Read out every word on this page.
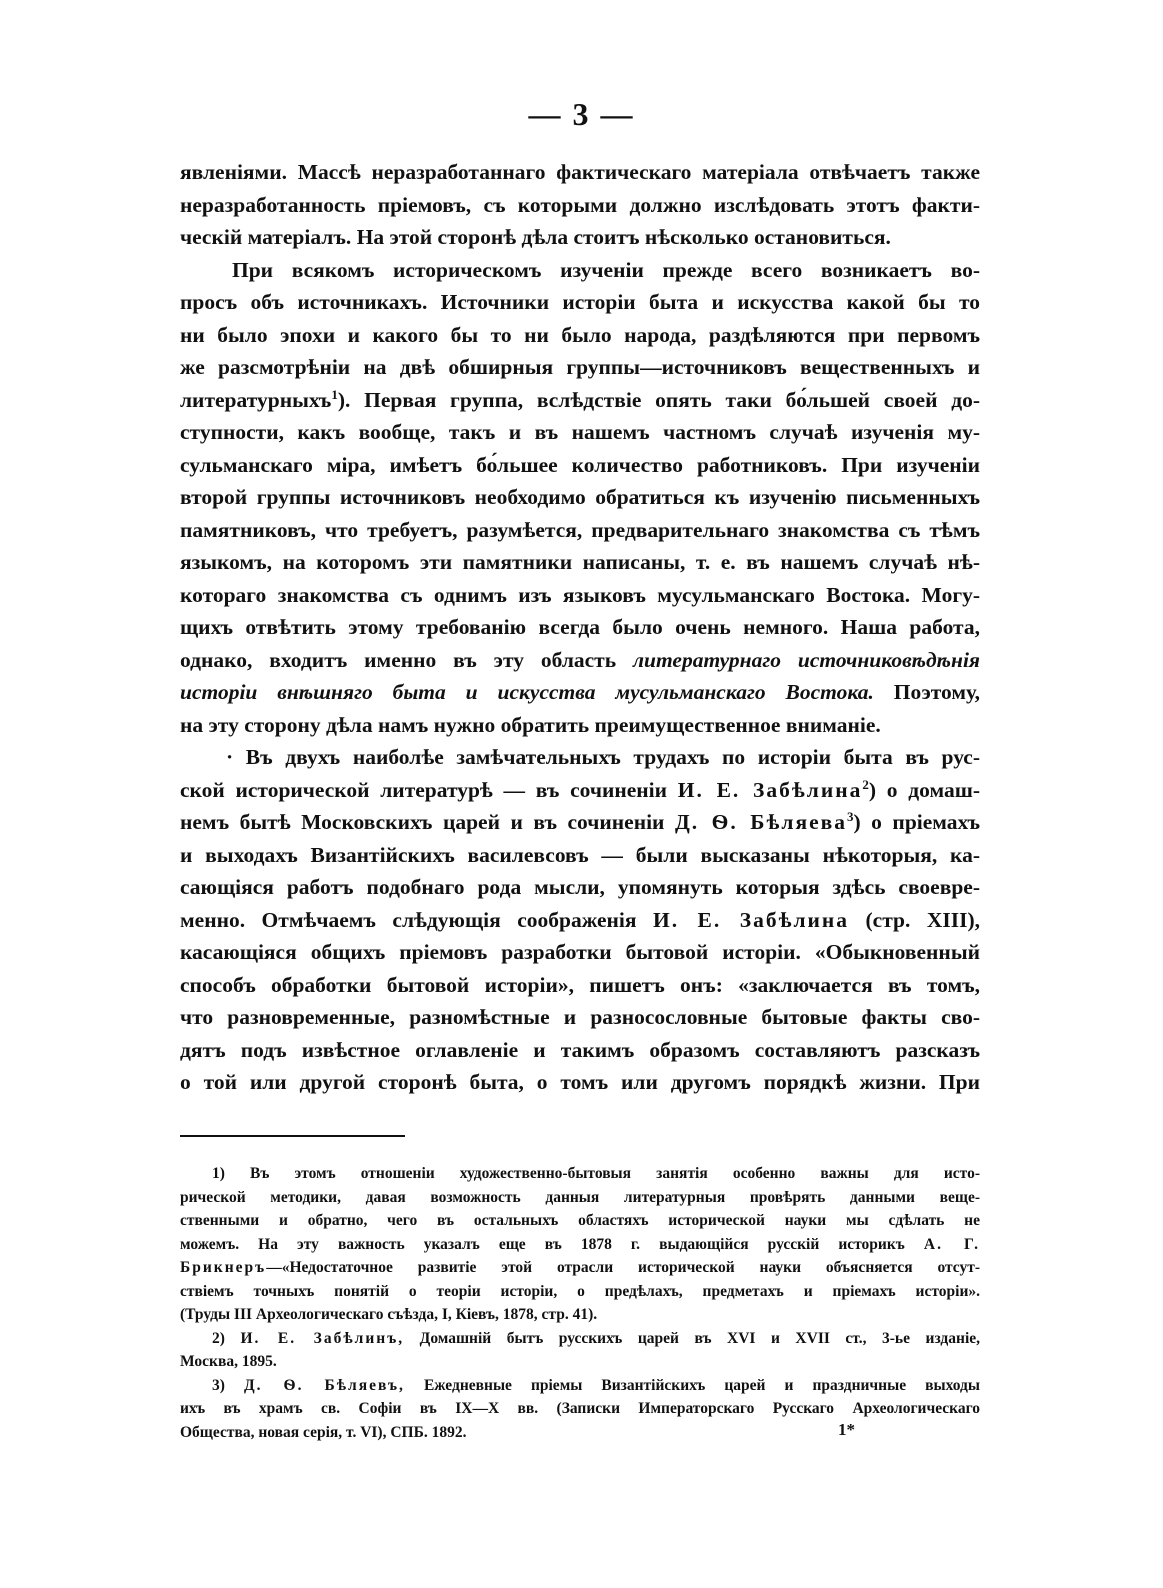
— 3 —
явленіями. Массѣ неразработаннаго фактическаго матеріала отвѣчаетъ также
неразработанность пріемовъ, съ которыми должно изслѣдовать этотъ факти-
ческій матеріалъ. На этой сторонѣ дѣла стоитъ нѣсколько остановиться.
При всякомъ историческомъ изученіи прежде всего возникаетъ во-
просъ объ источникахъ. Источники исторіи быта и искусства какой бы то
ни было эпохи и какого бы то ни было народа, раздѣляются при первомъ
же разсмотрѣніи на двѣ обширныя группы—источниковъ вещественныхъ и
литературныхъ$^1$). Первая группа, вслѣдствіе опять таки бо́льшей своей до-
ступности, какъ вообще, такъ и въ нашемъ частномъ случаѣ изученія му-
сульманскаго міра, имѣетъ бо́льшее количество работниковъ. При изученіи
второй группы источниковъ необходимо обратиться къ изученію письменныхъ
памятниковъ, что требуетъ, разумѣется, предварительнаго знакомства съ тѣмъ
языкомъ, на которомъ эти памятники написаны, т. е. въ нашемъ случаѣ нѣ-
котораго знакомства съ однимъ изъ языковъ мусульманскаго Востока. Могу-
щихъ отвѣтить этому требованію всегда было очень немного. Наша работа,
однако, входитъ именно въ эту область литературнаго источниковѣдѣнія
исторіи внѣшняго быта и искусства мусульманскаго Востока. Поэтому,
на эту сторону дѣла намъ нужно обратить преимущественное вниманіе.
· Въ двухъ наиболѣе замѣчательныхъ трудахъ по исторіи быта въ рус-
ской исторической литературѣ — въ сочиненіи И. Е. Забѣлина$^2$) о домаш-
немъ бытѣ Московскихъ царей и въ сочиненіи Д. Ѳ. Бѣляева$^3$) о пріемахъ
и выходахъ Византійскихъ василевсовъ — были высказаны нѣкоторыя, ка-
сающіяся работъ подобнаго рода мысли, упомянуть которыя здѣсь своевре-
менно. Отмѣчаемъ слѣдующія соображенія И. Е. Забѣлина (стр. XIII),
касающіяся общихъ пріемовъ разработки бытовой исторіи. «Обыкновенный
способъ обработки бытовой исторіи», пишетъ онъ: «заключается въ томъ,
что разновременные, разномѣстные и разносословные бытовые факты сво-
дятъ подъ извѣстное оглавленіе и такимъ образомъ составляютъ разсказъ
о той или другой сторонѣ быта, о томъ или другомъ порядкѣ жизни. При
1) Въ этомъ отношеніи художественно-бытовыя занятія особенно важны для исто-
рической методики, давая возможность данныя литературныя провѣрять данными веще-
ственными и обратно, чего въ остальныхъ областяхъ исторической науки мы сдѣлать не
можемъ. На эту важность указалъ еще въ 1878 г. выдающійся русскій историкъ А. Г.
Брикнеръ—«Недостаточное развитіе этой отрасли исторической науки объясняется отсут-
ствіемъ точныхъ понятій о теоріи исторіи, о предѣлахъ, предметахъ и пріемахъ исторіи».
(Труды III Археологическаго съѣзда, I, Кіевъ, 1878, стр. 41).
2) И. Е. Забѣлинъ, Домашній бытъ русскихъ царей въ XVI и XVII ст., 3-ье изданіе,
Москва, 1895.
3) Д. Ѳ. Бѣляевъ, Ежедневные пріемы Византійскихъ царей и праздничные выходы
ихъ въ храмъ св. Софіи въ IX—X вв. (Записки Императорскаго Русскаго Археологическаго
Общества, новая серія, т. VI), СПБ. 1892.	1*
